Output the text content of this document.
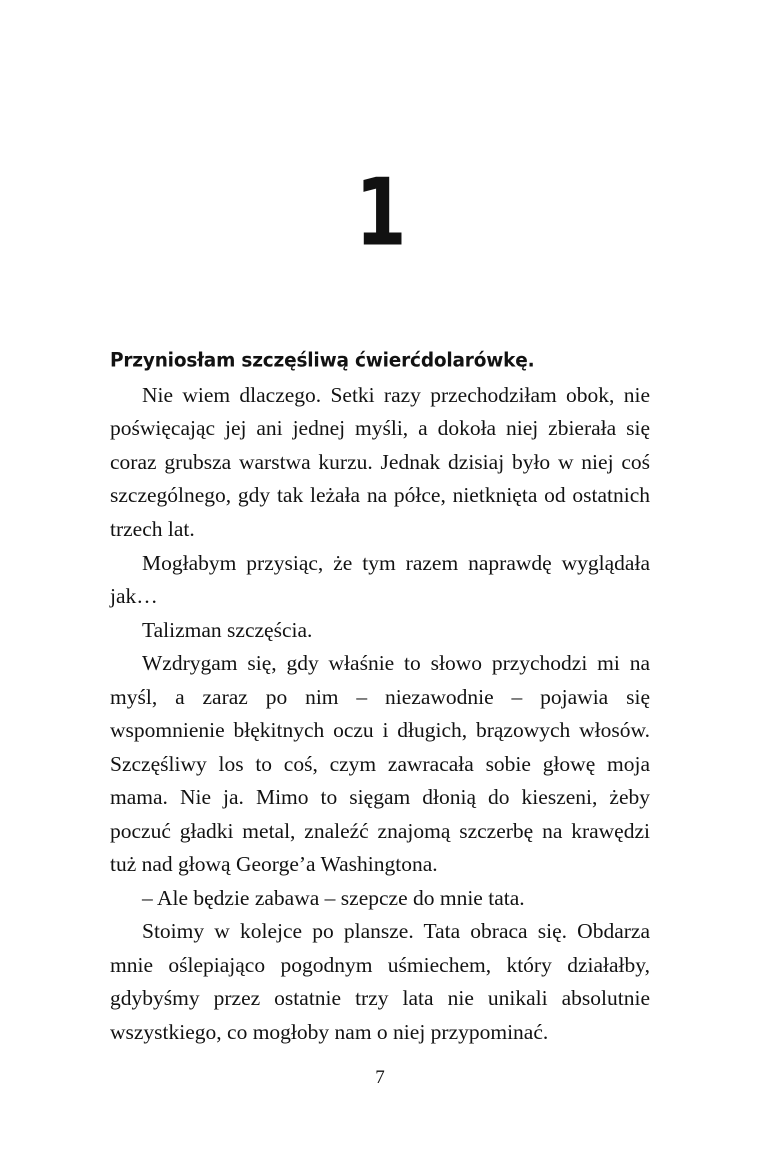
1

Przyniosłam szczęśliwą ćwierćdolarówkę.

Nie wiem dlaczego. Setki razy przechodziłam obok, nie poświęcając jej ani jednej myśli, a dokoła niej zbierała się coraz grubsza warstwa kurzu. Jednak dzisiaj było w niej coś szczególnego, gdy tak leżała na półce, nietknięta od ostatnich trzech lat.

Mogłabym przysiąc, że tym razem naprawdę wyglądała jak…

Talizman szczęścia.

Wzdrygam się, gdy właśnie to słowo przychodzi mi na myśl, a zaraz po nim – niezawodnie – pojawia się wspomnienie błękitnych oczu i długich, brązowych włosów. Szczęśliwy los to coś, czym zawracała sobie głowę moja mama. Nie ja. Mimo to sięgam dłonią do kieszeni, żeby poczuć gładki metal, znaleźć znajomą szczerbę na krawędzi tuż nad głową George’a Washingtona.

– Ale będzie zabawa – szepcze do mnie tata.

Stoimy w kolejce po plansze. Tata obraca się. Obdarza mnie oślepiająco pogodnym uśmiechem, który działałby, gdybyśmy przez ostatnie trzy lata nie unikali absolutnie wszystkiego, co mogłoby nam o niej przypominać.

7
